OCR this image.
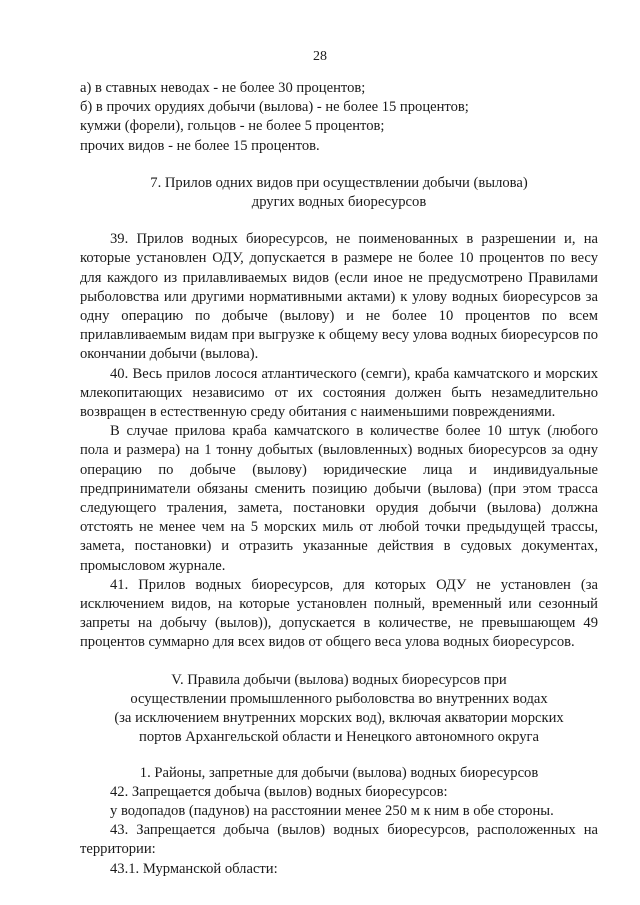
28

а) в ставных неводах - не более 30 процентов;

б) в прочих орудиях добычи (вылова) - не более 15 процентов;

кумжи (форели), гольцов - не более 5 процентов;

прочих видов - не более 15 процентов.

7. Прилов одних видов при осуществлении добычи (вылова)

других водных биоресурсов

39. Прилов водных биоресурсов, не поименованных в разрешении и, на которые установлен ОДУ, допускается в размере не более 10 процентов по весу для каждого из прилавливаемых видов (если иное не предусмотрено Правилами рыболовства или другими нормативными актами) к улову водных биоресурсов за одну операцию по добыче (вылову) и не более 10 процентов по всем прилавливаемым видам при выгрузке к общему весу улова водных биоресурсов по окончании добычи (вылова).

40. Весь прилов лосося атлантического (семги), краба камчатского и морских млекопитающих независимо от их состояния должен быть незамедлительно возвращен в естественную среду обитания с наименьшими повреждениями.

В случае прилова краба камчатского в количестве более 10 штук (любого пола и размера) на 1 тонну добытых (выловленных) водных биоресурсов за одну операцию по добыче (вылову) юридические лица и индивидуальные предприниматели обязаны сменить позицию добычи (вылова) (при этом трасса следующего траления, замета, постановки орудия добычи (вылова) должна отстоять не менее чем на 5 морских миль от любой точки предыдущей трассы, замета, постановки) и отразить указанные действия в судовых документах, промысловом журнале.

41. Прилов водных биоресурсов, для которых ОДУ не установлен (за исключением видов, на которые установлен полный, временный или сезонный запреты на добычу (вылов)), допускается в количестве, не превышающем 49 процентов суммарно для всех видов от общего веса улова водных биоресурсов.

V. Правила добычи (вылова) водных биоресурсов при

осуществлении промышленного рыболовства во внутренних водах

(за исключением внутренних морских вод), включая акватории морских

портов Архангельской области и Ненецкого автономного округа

1. Районы, запретные для добычи (вылова) водных биоресурсов

42. Запрещается добыча (вылов) водных биоресурсов:

у водопадов (падунов) на расстоянии менее 250 м к ним в обе стороны.

43. Запрещается добыча (вылов) водных биоресурсов, расположенных на территории:

43.1. Мурманской области:
